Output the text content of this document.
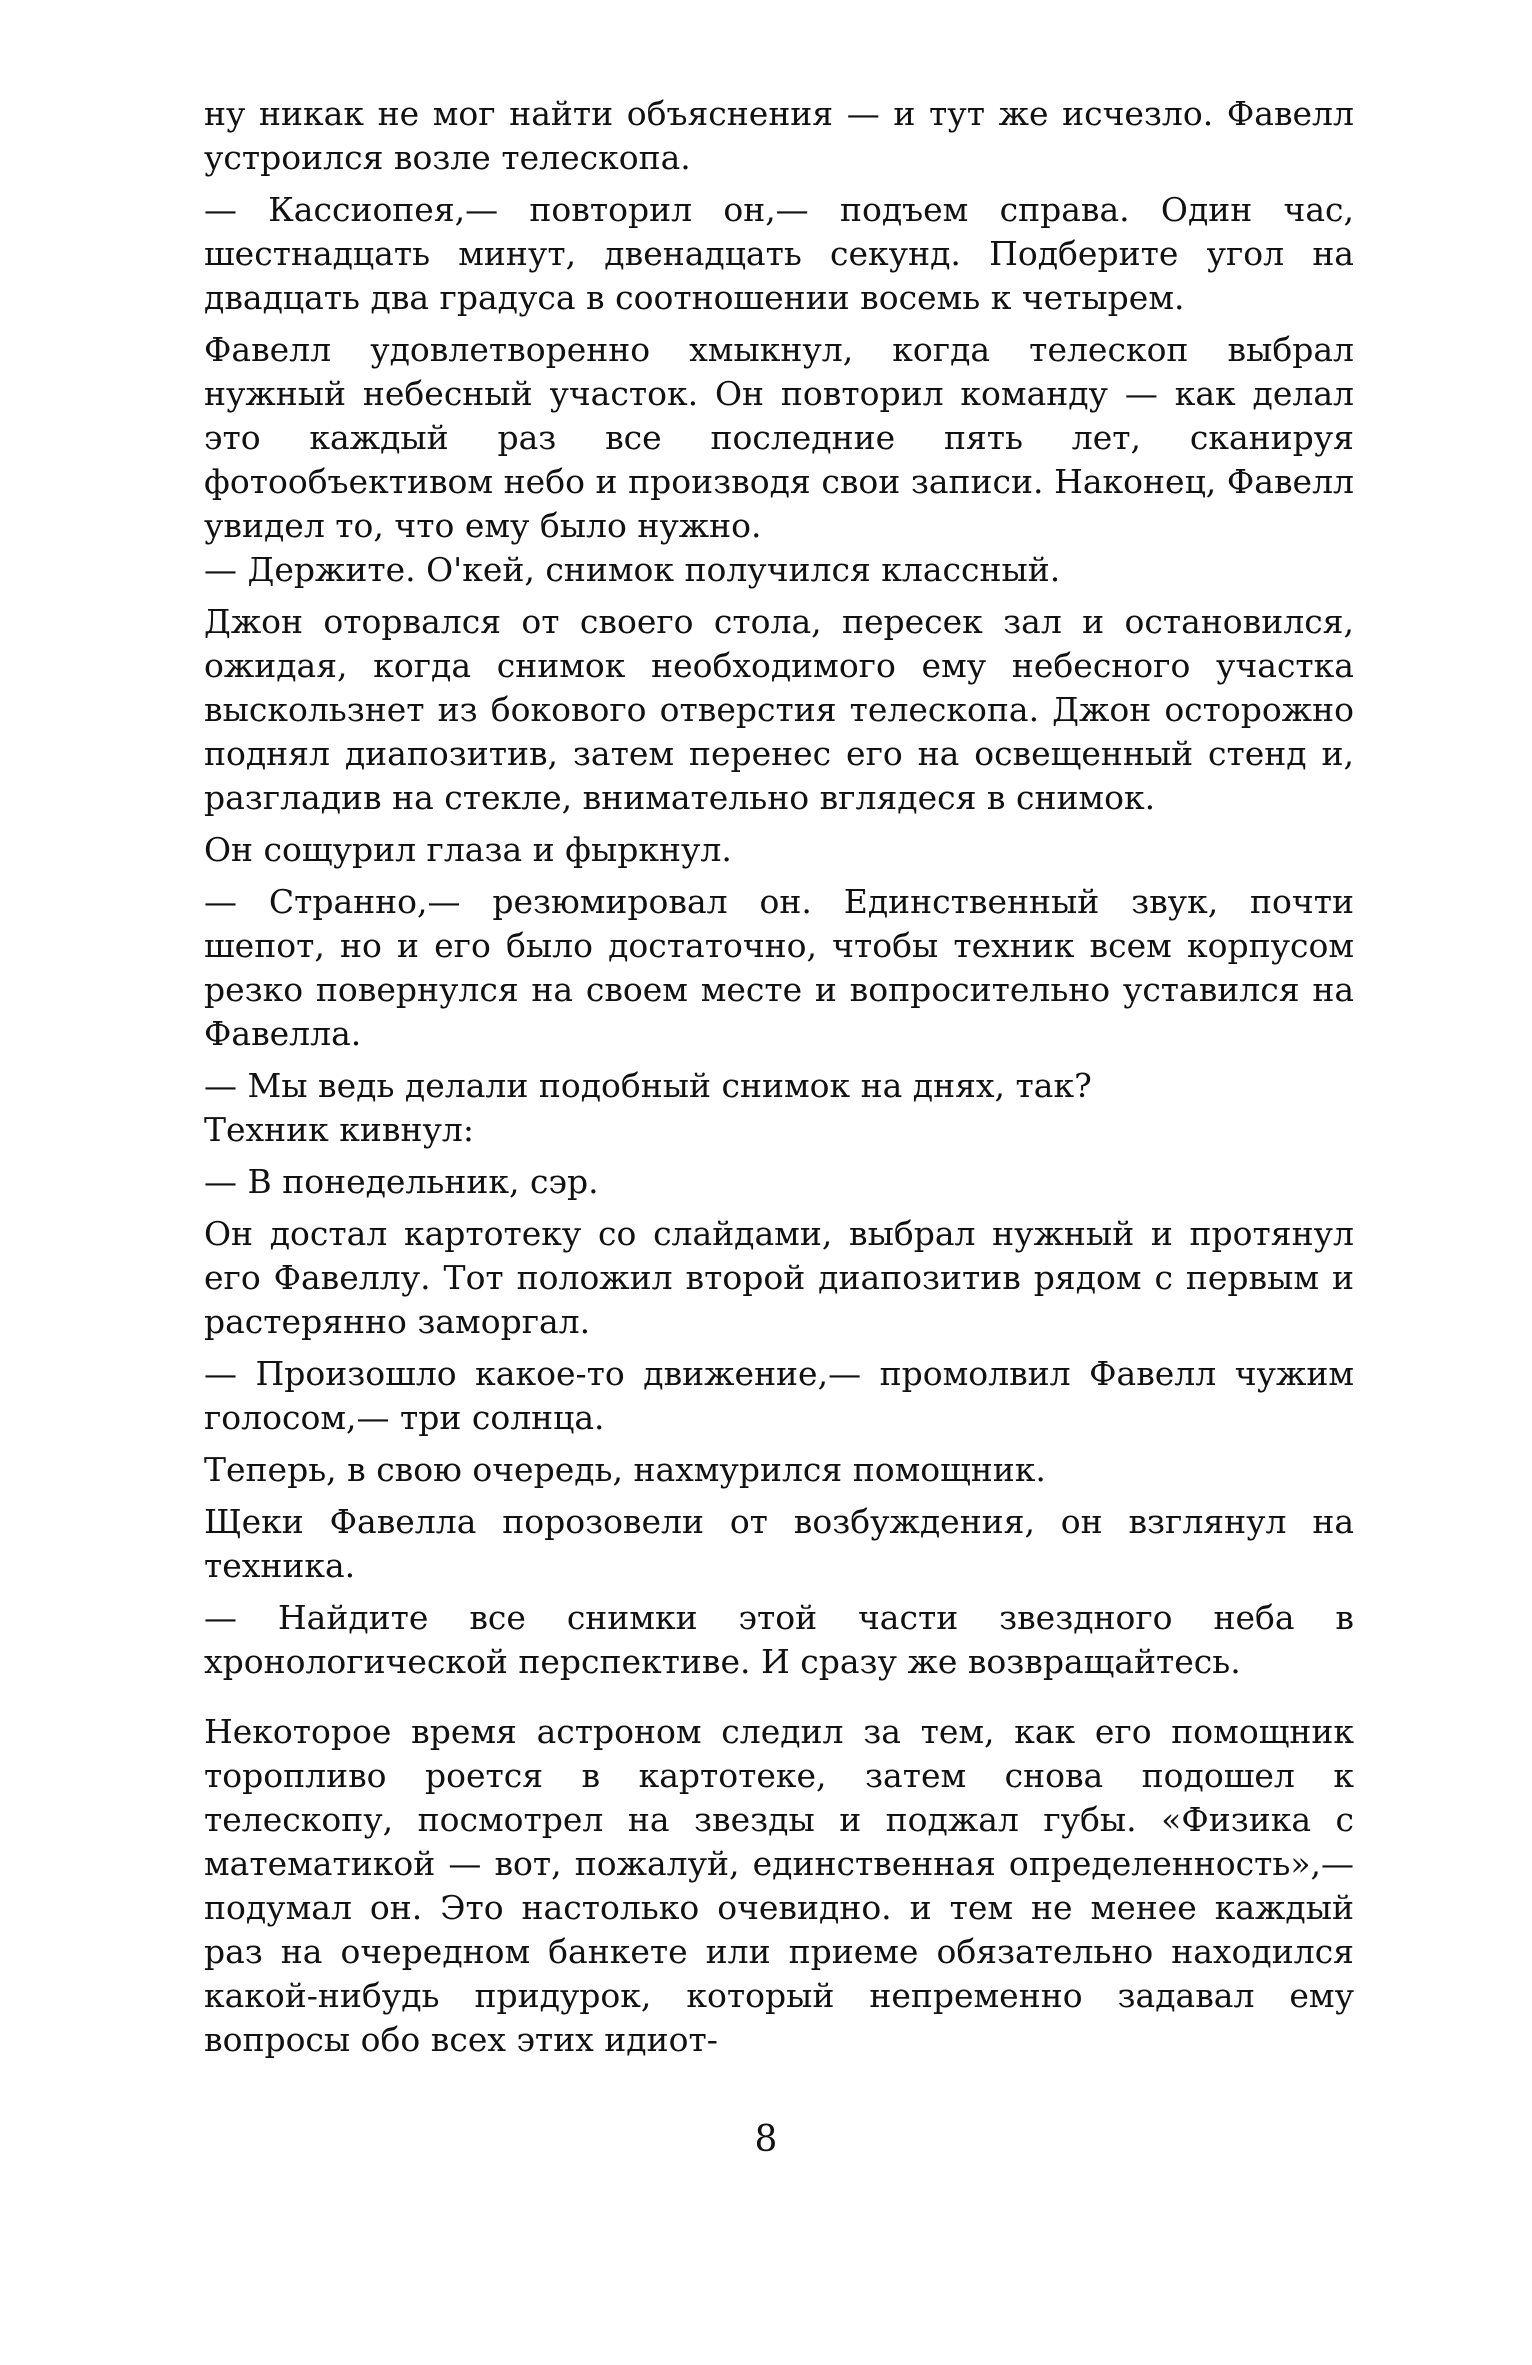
ну никак не мог найти объяснения — и тут же исчезло. Фавелл устроился возле телескопа.

— Кассиопея,— повторил он,— подъем справа. Один час, шестнадцать минут, двенадцать секунд. Подберите угол на двадцать два градуса в соотношении восемь к четырем.

Фавелл удовлетворенно хмыкнул, когда телескоп выбрал нужный небесный участок. Он повторил команду — как делал это каждый раз все последние пять лет, сканируя фотообъективом небо и производя свои записи. Наконец, Фавелл увидел то, что ему было нужно.

— Держите. О'кей, снимок получился классный.

Джон оторвался от своего стола, пересек зал и остановился, ожидая, когда снимок необходимого ему небесного участка выскользнет из бокового отверстия телескопа. Джон осторожно поднял диапозитив, затем перенес его на освещенный стенд и, разгладив на стекле, внимательно вглядеся в снимок.

Он сощурил глаза и фыркнул.

— Странно,— резюмировал он. Единственный звук, почти шепот, но и его было достаточно, чтобы техник всем корпусом резко повернулся на своем месте и вопросительно уставился на Фавелла.

— Мы ведь делали подобный снимок на днях, так?

Техник кивнул:

— В понедельник, сэр.

Он достал картотеку со слайдами, выбрал нужный и протянул его Фавеллу. Тот положил второй диапозитив рядом с первым и растерянно заморгал.

— Произошло какое-то движение,— промолвил Фавелл чужим голосом,— три солнца.

Теперь, в свою очередь, нахмурился помощник.

Щеки Фавелла порозовели от возбуждения, он взглянул на техника.

— Найдите все снимки этой части звездного неба в хронологической перспективе. И сразу же возвращайтесь.

Некоторое время астроном следил за тем, как его помощник торопливо роется в картотеке, затем снова подошел к телескопу, посмотрел на звезды и поджал губы. «Физика с математикой — вот, пожалуй, единственная определенность»,— подумал он. Это настолько очевидно. и тем не менее каждый раз на очередном банкете или приеме обязательно находился какой-нибудь придурок, который непременно задавал ему вопросы обо всех этих идиот-

8
